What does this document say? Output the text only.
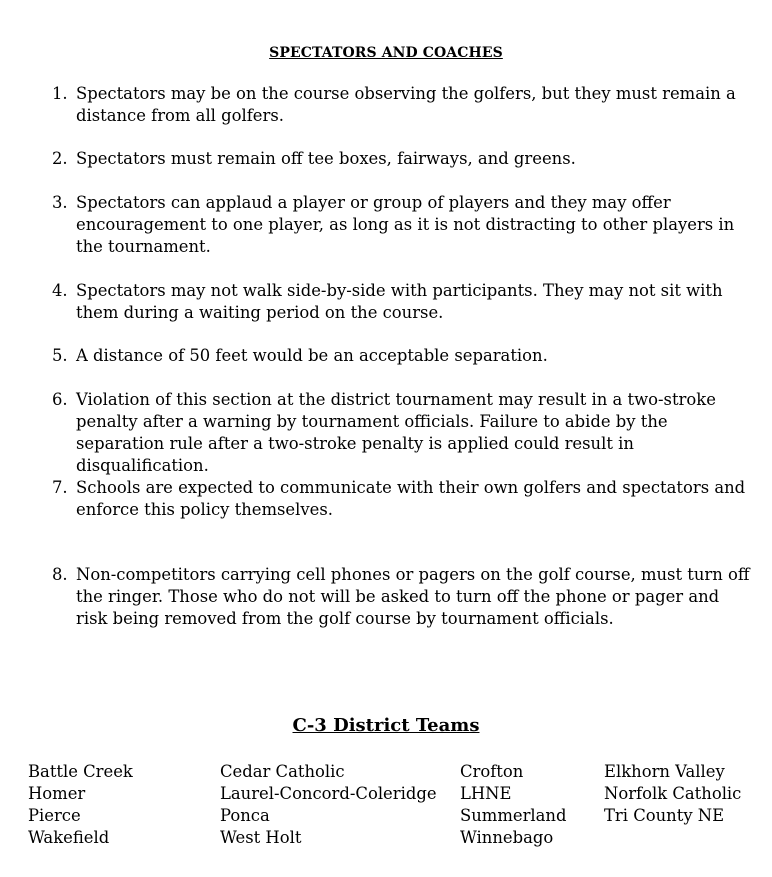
SPECTATORS AND COACHES
1. Spectators may be on the course observing the golfers, but they must remain a distance from all golfers.
2. Spectators must remain off tee boxes, fairways, and greens.
3. Spectators can applaud a player or group of players and they may offer encouragement to one player, as long as it is not distracting to other players in the tournament.
4. Spectators may not walk side-by-side with participants. They may not sit with them during a waiting period on the course.
5. A distance of 50 feet would be an acceptable separation.
6. Violation of this section at the district tournament may result in a two-stroke penalty after a warning by tournament officials. Failure to abide by the separation rule after a two-stroke penalty is applied could result in disqualification.
7. Schools are expected to communicate with their own golfers and spectators and enforce this policy themselves.
8. Non-competitors carrying cell phones or pagers on the golf course, must turn off the ringer. Those who do not will be asked to turn off the phone or pager and risk being removed from the golf course by tournament officials.
C-3 District Teams
Battle Creek
Homer
Pierce
Wakefield
Cedar Catholic
Laurel-Concord-Coleridge
Ponca
West Holt
Crofton
LHNE
Summerland
Winnebago
Elkhorn Valley
Norfolk Catholic
Tri County NE
